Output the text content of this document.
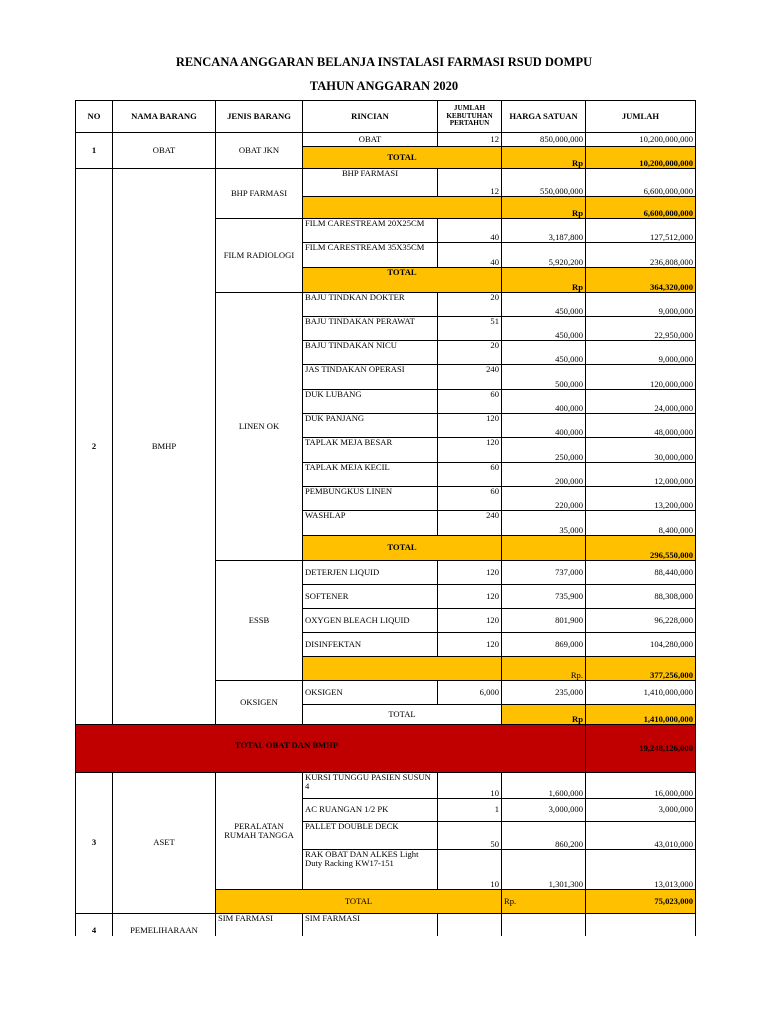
RENCANA ANGGARAN BELANJA INSTALASI FARMASI RSUD DOMPU
TAHUN ANGGARAN 2020
NO	NAMA BARANG	JENIS BARANG	RINCIAN	JUMLAH KEBUTUHAN PERTAHUN	HARGA SATUAN	JUMLAH
1	OBAT	OBAT JKN	OBAT	12	850,000,000	10,200,000,000

			TOTAL		Rp	10,200,000,000
2	BMHP	BHP FARMASI	BHP FARMASI	12	550,000,000	6,600,000,000
					Rp	6,600,000,000
		FILM RADIOLOGI	FILM CARESTREAM 20X25CM	40	3,187,800	127,512,000
			FILM CARESTREAM 35X35CM	40	5,920,200	236,808,000
			TOTAL		Rp	364,320,000
		LINEN OK	BAJU TINDKAN DOKTER	20	450,000	9,000,000
			BAJU TINDAKAN PERAWAT	51	450,000	22,950,000
			BAJU TINDAKAN NICU	20	450,000	9,000,000
			JAS TINDAKAN OPERASI	240	500,000	120,000,000
			DUK LUBANG	60	400,000	24,000,000
			DUK PANJANG	120	400,000	48,000,000
			TAPLAK MEJA BESAR	120	250,000	30,000,000
			TAPLAK MEJA KECIL	60	200,000	12,000,000
			PEMBUNGKUS LINEN	60	220,000	13,200,000
			WASHLAP	240	35,000	8,400,000
			TOTAL			296,550,000
		ESSB	DETERJEN LIQUID	120	737,000	88,440,000
			SOFTENER	120	735,900	88,308,000
			OXYGEN BLEACH LIQUID	120	801,900	96,228,000
			DISINFEKTAN	120	869,000	104,280,000
					Rp.	377,256,000
		OKSIGEN	OKSIGEN	6,000	235,000	1,410,000,000
			TOTAL		Rp	1,410,000,000
TOTAL OBAT DAN BMHP						19,248,126,000
3	ASET	PERALATAN RUMAH TANGGA	KURSI TUNGGU PASIEN SUSUN 4	10	1,600,000	16,000,000
			AC RUANGAN 1/2 PK	1	3,000,000	3,000,000
			PALLET DOUBLE DECK	50	860,200	43,010,000
			RAK OBAT DAN ALKES Light Duty Racking KW17-151	10	1,301,300	13,013,000
		TOTAL			Rp.	75,023,000
4	PEMELIHARAAN	SIM FARMASI	SIM FARMASI			
